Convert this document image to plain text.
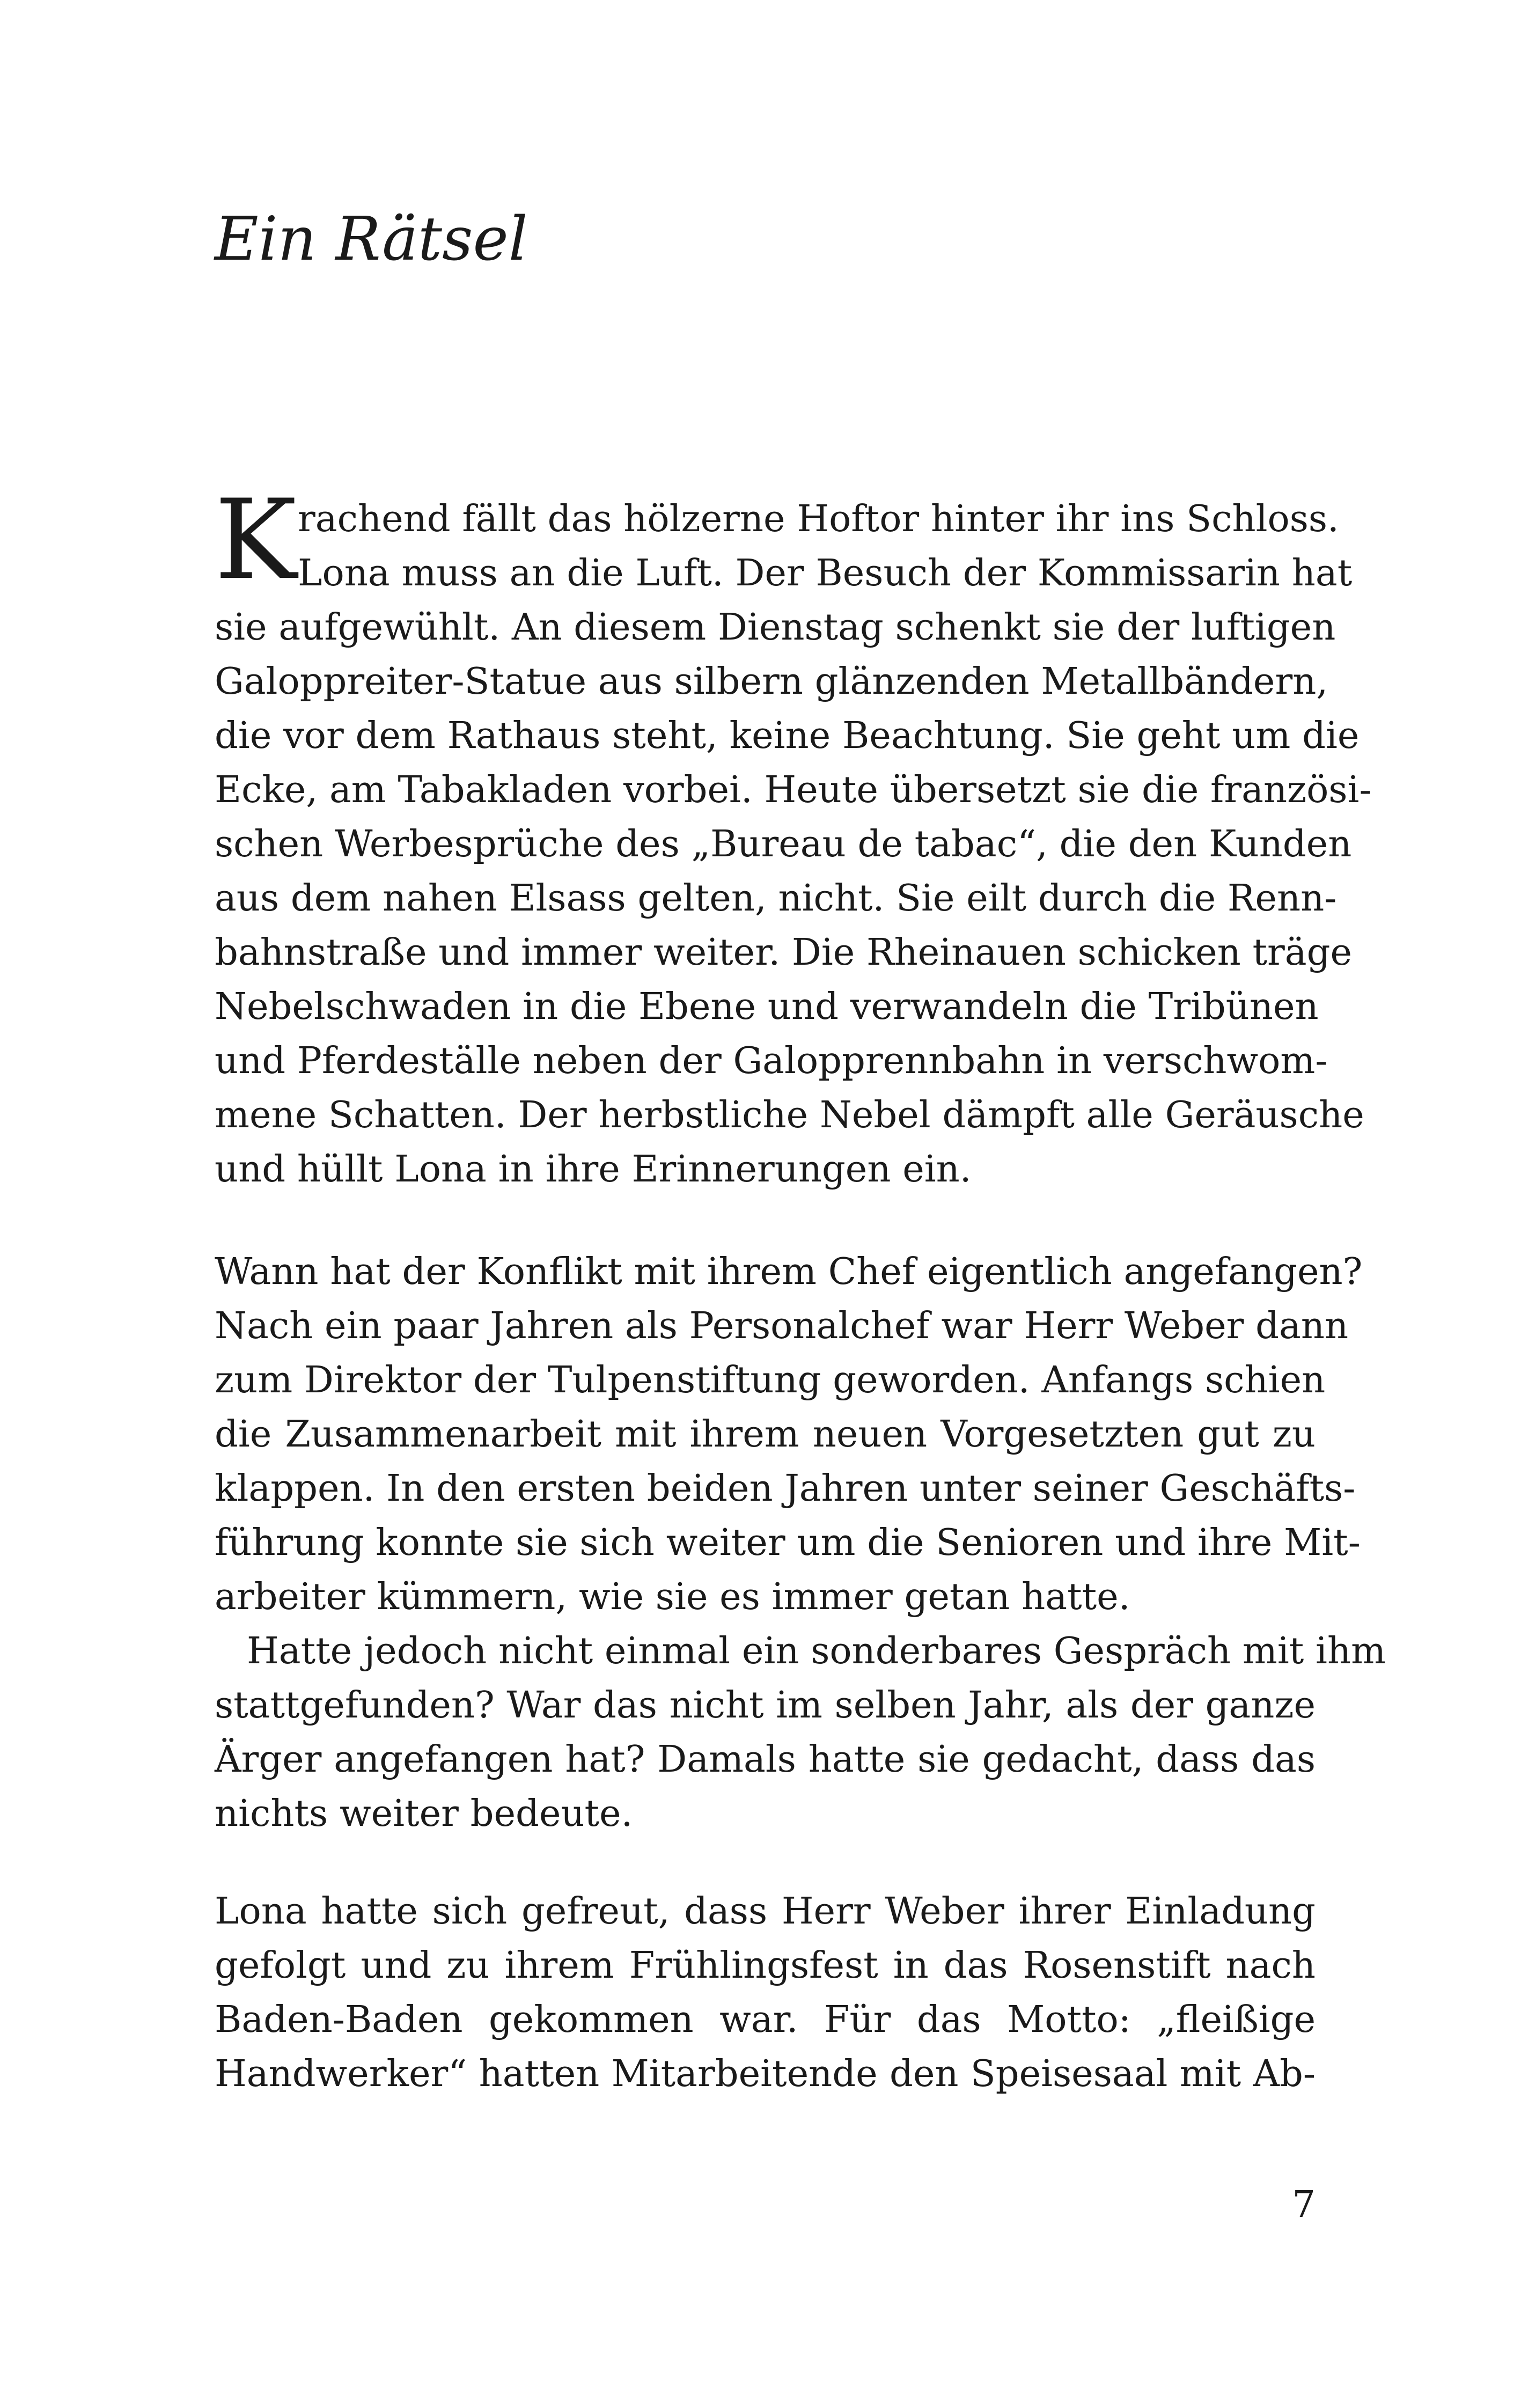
Ein Rätsel
K rachend fällt das hölzerne Hoftor hinter ihr ins Schloss.
Lona muss an die Luft. Der Besuch der Kommissarin hat
sie aufgewühlt. An diesem Dienstag schenkt sie der luftigen
Galoppreiter-Statue aus silbern glänzenden Metallbändern,
die vor dem Rathaus steht, keine Beachtung. Sie geht um die
Ecke, am Tabakladen vorbei. Heute übersetzt sie die französi-
schen Werbesprüche des „Bureau de tabac“, die den Kunden
aus dem nahen Elsass gelten, nicht. Sie eilt durch die Renn-
bahnstraße und immer weiter. Die Rheinauen schicken träge
Nebelschwaden in die Ebene und verwandeln die Tribünen
und Pferdeställe neben der Galopprennbahn in verschwom-
mene Schatten. Der herbstliche Nebel dämpft alle Geräusche
und hüllt Lona in ihre Erinnerungen ein.
Wann hat der Konflikt mit ihrem Chef eigentlich angefangen?
Nach ein paar Jahren als Personalchef war Herr Weber dann
zum Direktor der Tulpenstiftung geworden. Anfangs schien
die Zusammenarbeit mit ihrem neuen Vorgesetzten gut zu
klappen. In den ersten beiden Jahren unter seiner Geschäfts-
führung konnte sie sich weiter um die Senioren und ihre Mit-
arbeiter kümmern, wie sie es immer getan hatte.
Hatte jedoch nicht einmal ein sonderbares Gespräch mit ihm
stattgefunden? War das nicht im selben Jahr, als der ganze
Ärger angefangen hat? Damals hatte sie gedacht, dass das
nichts weiter bedeute.
Lona hatte sich gefreut, dass Herr Weber ihrer Einladung
gefolgt und zu ihrem Frühlingsfest in das Rosenstift nach
Baden-Baden gekommen war. Für das Motto: „fleißige
Handwerker“ hatten Mitarbeitende den Speisesaal mit Ab-
7
